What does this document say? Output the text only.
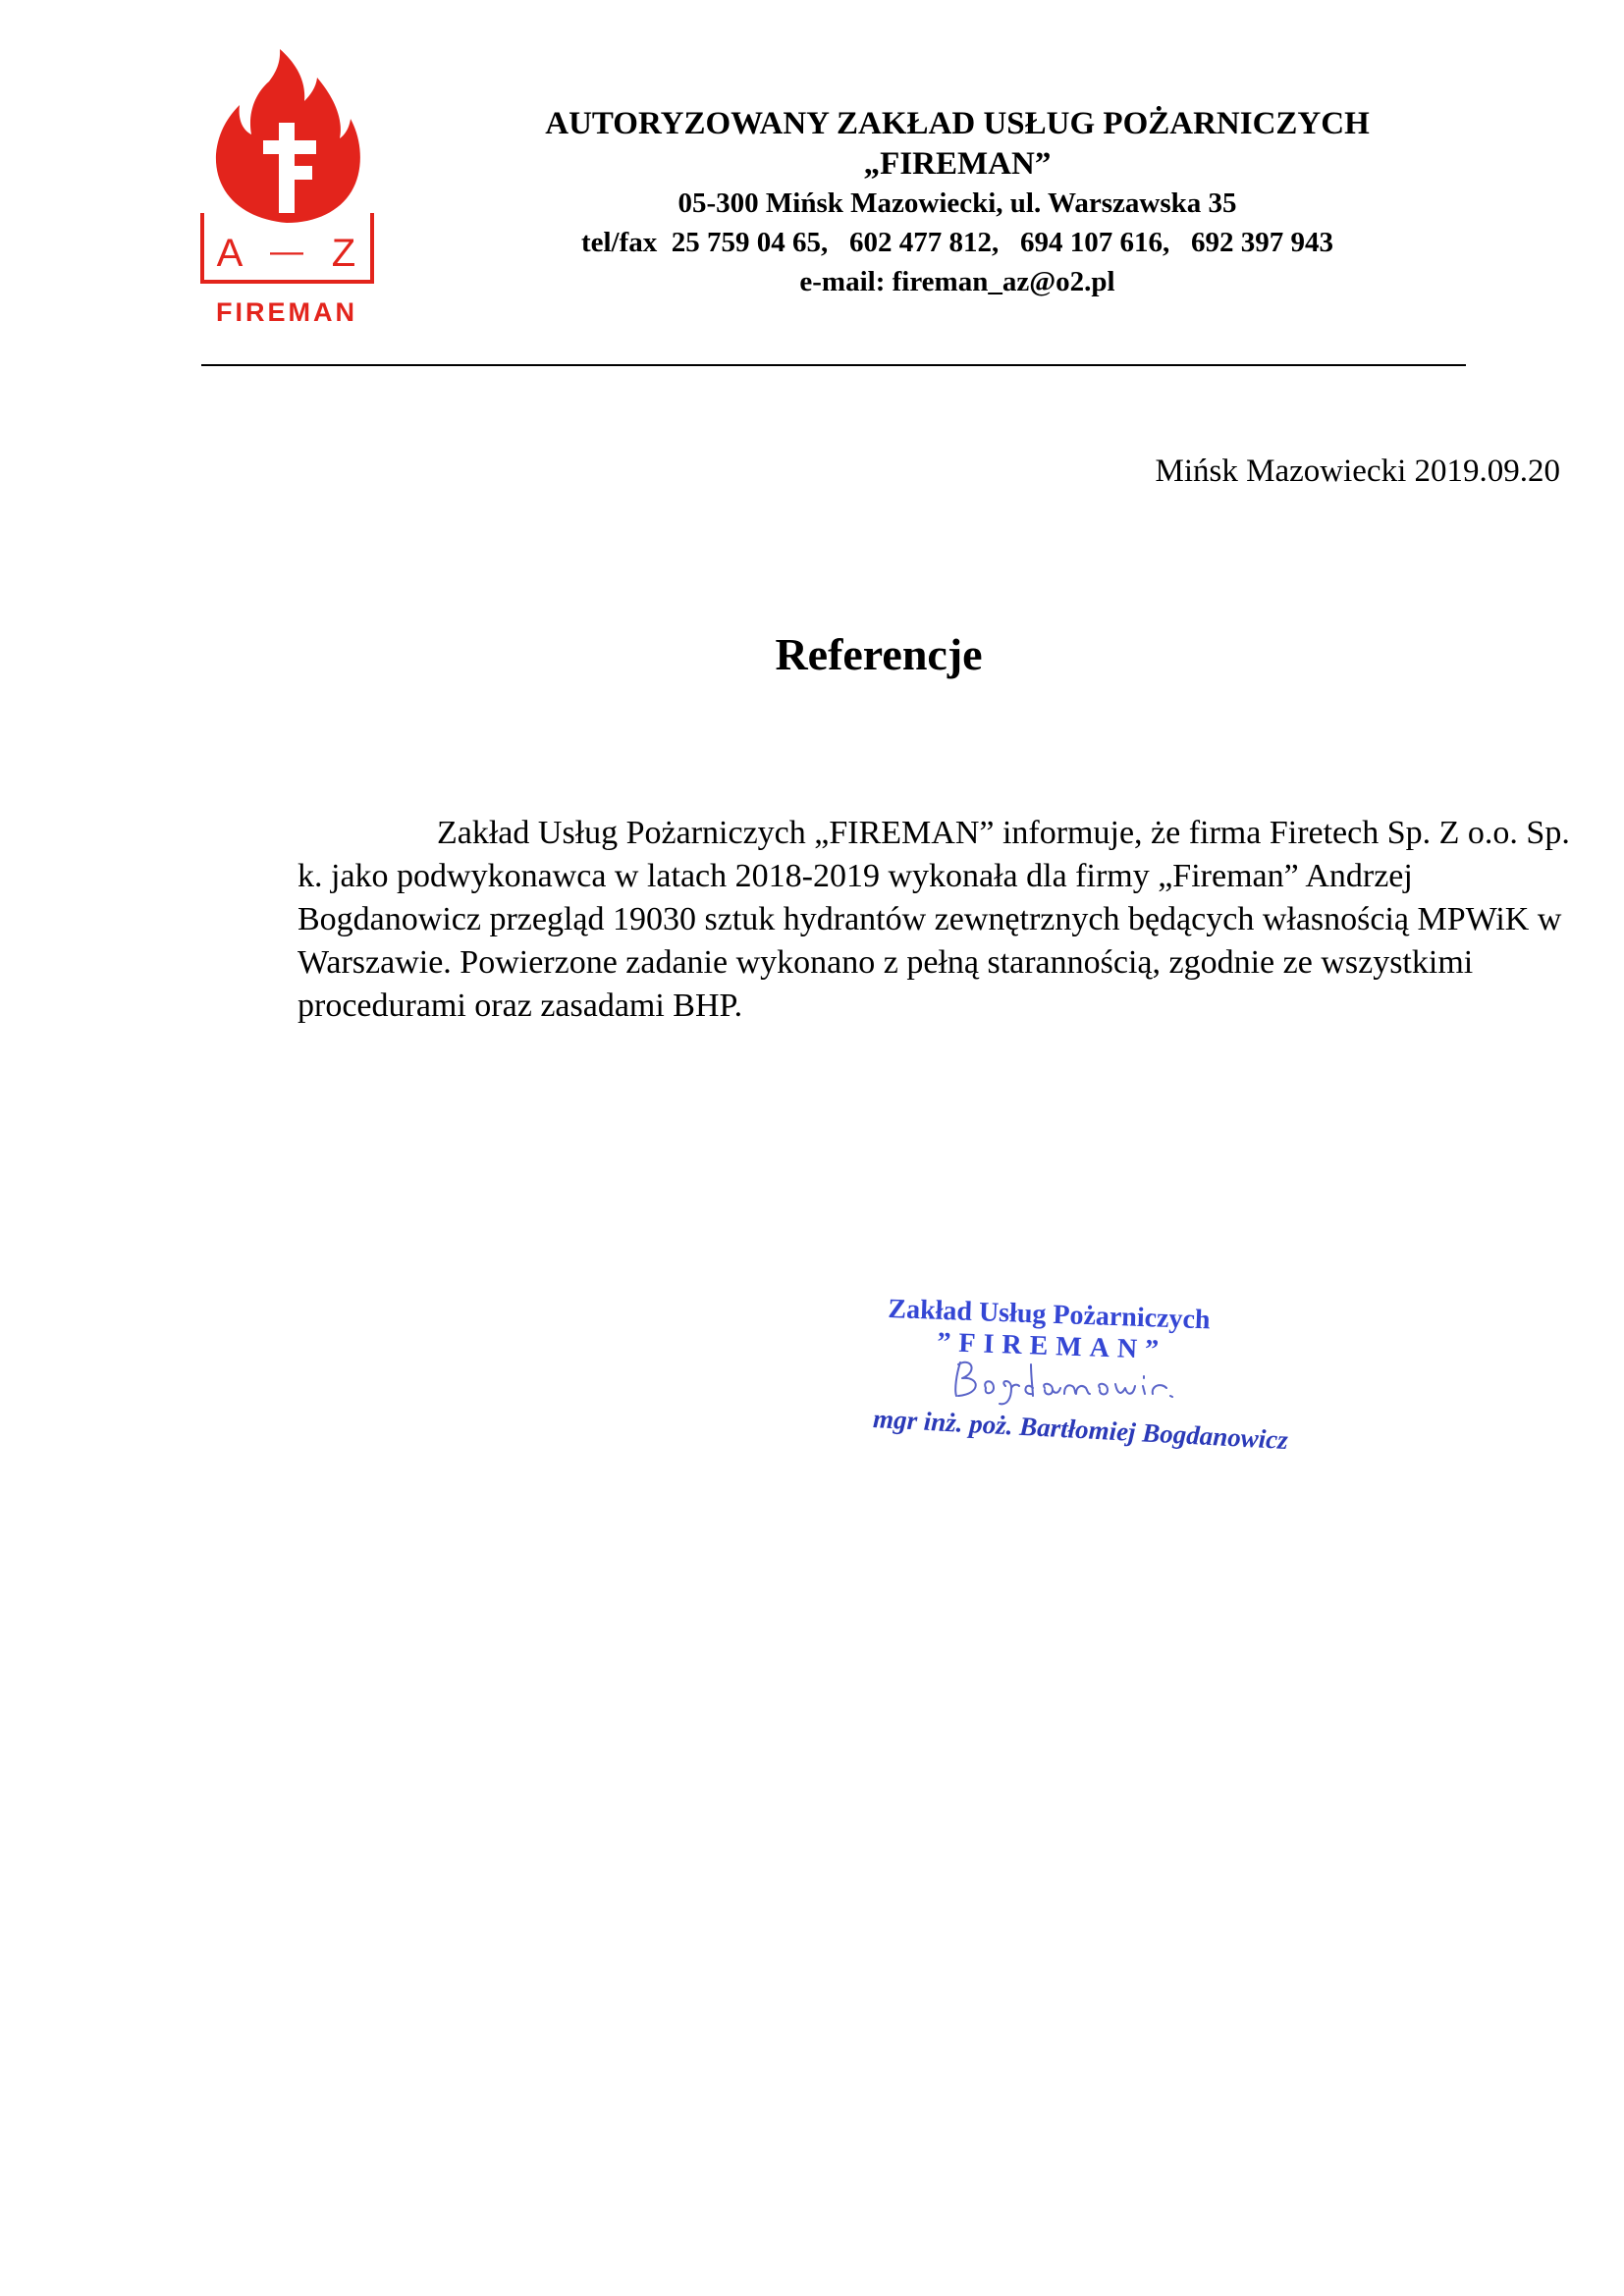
A — Z
FIREMAN
AUTORYZOWANY ZAKŁAD USŁUG POŻARNICZYCH
„FIREMAN”
05-300 Mińsk Mazowiecki, ul. Warszawska 35
tel/fax  25 759 04 65,   602 477 812,   694 107 616,   692 397 943
e-mail: fireman_az@o2.pl
Mińsk Mazowiecki 2019.09.20
Referencje

Zakład Usług Pożarniczych „FIREMAN” informuje, że firma Firetech Sp. Z o.o. Sp. k. jako podwykonawca w latach 2018-2019 wykonała dla firmy „Fireman” Andrzej Bogdanowicz przegląd 19030 sztuk hydrantów zewnętrznych będących własnością MPWiK w Warszawie. Powierzone zadanie wykonano z pełną starannością, zgodnie ze wszystkimi procedurami oraz zasadami BHP.

Zakład Usług Pożarniczych
”FIREMAN”
mgr inż. poż. Bartłomiej Bogdanowicz
